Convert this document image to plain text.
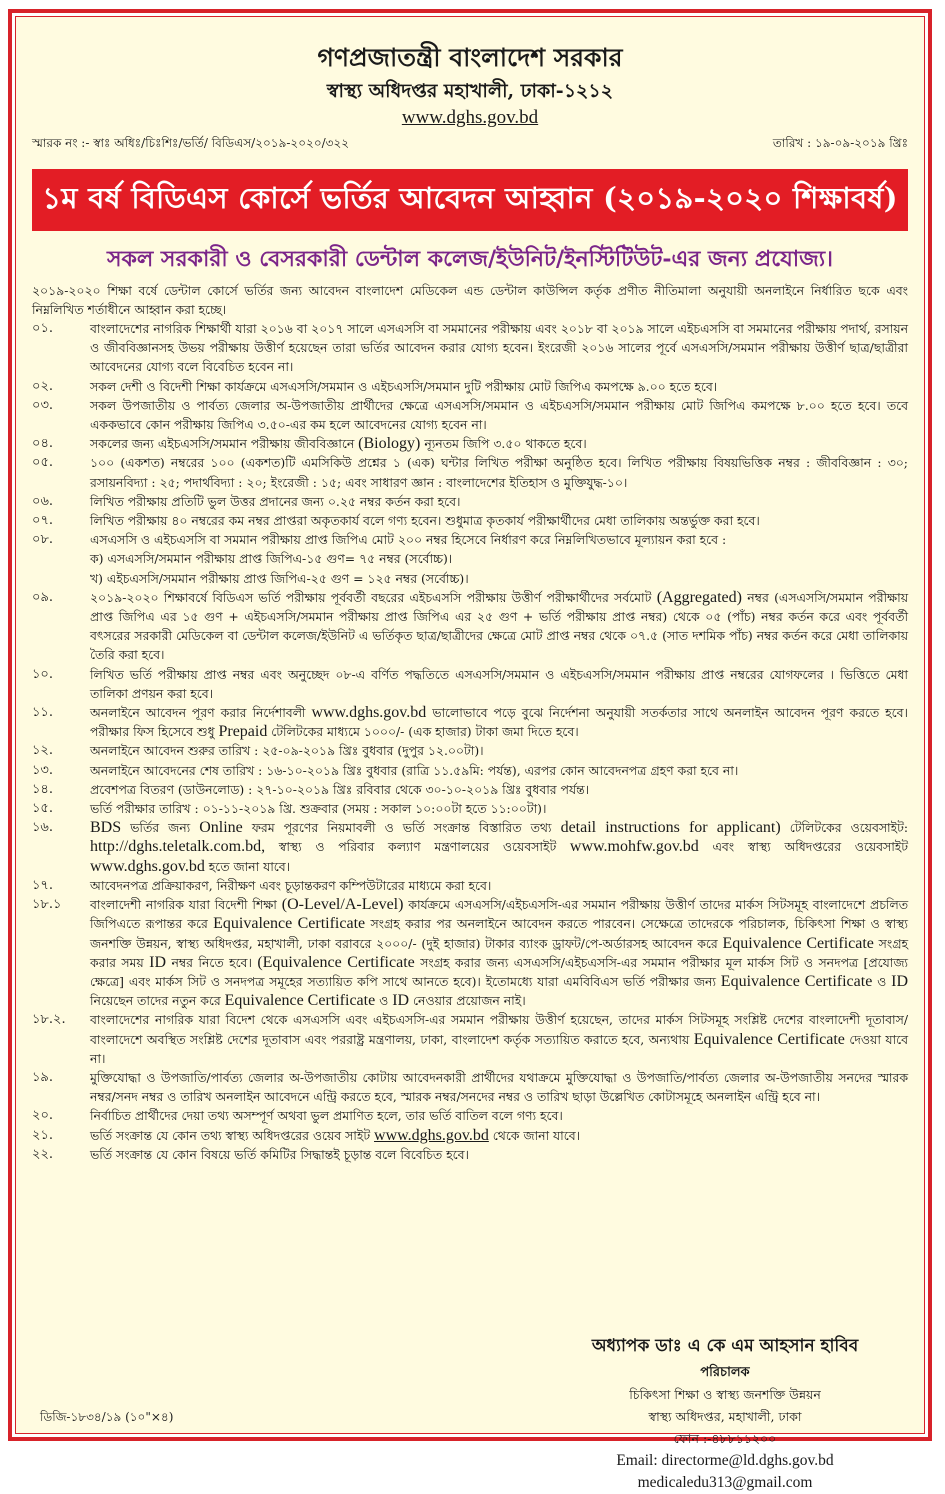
গণপ্রজাতন্ত্রী বাংলাদেশ সরকার
স্বাস্থ্য অধিদপ্তর মহাখালী, ঢাকা-১২১২
www.dghs.gov.bd
স্মারক নং :- স্বাঃ অধিঃ/চিঃশিঃ/ভর্তি/ বিডিএস/২০১৯-২০২০/৩২২	তারিখ : ১৯-০৯-২০১৯ খ্রিঃ
১ম বর্ষ বিডিএস কোর্সে ভর্তির আবেদন আহ্বান (২০১৯-২০২০ শিক্ষাবর্ষ)
সকল সরকারী ও বেসরকারী ডেন্টাল কলেজ/ইউনিট/ইনস্টিটিউট-এর জন্য প্রযোজ্য।
২০১৯-২০২০ শিক্ষা বর্ষে ডেন্টাল কোর্সে ভর্তির জন্য আবেদন বাংলাদেশ মেডিকেল এন্ড ডেন্টাল কাউন্সিল কর্তৃক প্রণীত নীতিমালা অনুযায়ী অনলাইনে নির্ধারিত ছকে এবং নিম্নলিখিত শর্তাধীনে আহ্বান করা হচ্ছে।
০১.	বাংলাদেশের নাগরিক শিক্ষার্থী যারা ২০১৬ বা ২০১৭ সালে এসএসসি বা সমমানের পরীক্ষায় এবং ২০১৮ বা ২০১৯ সালে এইচএসসি বা সমমানের পরীক্ষায় পদার্থ, রসায়ন ও জীববিজ্ঞানসহ উভয় পরীক্ষায় উত্তীর্ণ হয়েছেন তারা ভর্তির আবেদন করার যোগ্য হবেন। ইংরেজী ২০১৬ সালের পূর্বে এসএসসি/সমমান পরীক্ষায় উত্তীর্ণ ছাত্র/ছাত্রীরা আবেদনের যোগ্য বলে বিবেচিত হবেন না।
০২.	সকল দেশী ও বিদেশী শিক্ষা কার্যক্রমে এসএসসি/সমমান ও এইচএসসি/সমমান দুটি পরীক্ষায় মোট জিপিএ কমপক্ষে ৯.০০ হতে হবে।
০৩.	সকল উপজাতীয় ও পার্বত্য জেলার অ-উপজাতীয় প্রার্থীদের ক্ষেত্রে এসএসসি/সমমান ও এইচএসসি/সমমান পরীক্ষায় মোট জিপিএ কমপক্ষে ৮.০০ হতে হবে। তবে এককভাবে কোন পরীক্ষায় জিপিএ ৩.৫০-এর কম হলে আবেদনের যোগ্য হবেন না।
০৪.	সকলের জন্য এইচএসসি/সমমান পরীক্ষায় জীববিজ্ঞানে (Biology) ন্যূনতম জিপি ৩.৫০ থাকতে হবে।
০৫.	১০০ (একশত) নম্বরের ১০০ (একশত)টি এমসিকিউ প্রশ্নের ১ (এক) ঘন্টার লিখিত পরীক্ষা অনুষ্ঠিত হবে। লিখিত পরীক্ষায় বিষয়ভিত্তিক নম্বর : জীববিজ্ঞান : ৩০; রসায়নবিদ্যা : ২৫; পদার্থবিদ্যা : ২০; ইংরেজী : ১৫; এবং সাধারণ জ্ঞান : বাংলাদেশের ইতিহাস ও মুক্তিযুদ্ধ-১০।
০৬.	লিখিত পরীক্ষায় প্রতিটি ভুল উত্তর প্রদানের জন্য ০.২৫ নম্বর কর্তন করা হবে।
০৭.	লিখিত পরীক্ষায় ৪০ নম্বরের কম নম্বর প্রাপ্তরা অকৃতকার্য বলে গণ্য হবেন। শুধুমাত্র কৃতকার্য পরীক্ষার্থীদের মেধা তালিকায় অন্তর্ভুক্ত করা হবে।
০৮.	এসএসসি ও এইচএসসি বা সমমান পরীক্ষায় প্রাপ্ত জিপিএ মোট ২০০ নম্বর হিসেবে নির্ধারণ করে নিম্নলিখিতভাবে মূল্যায়ন করা হবে :
ক) এসএসসি/সমমান পরীক্ষায় প্রাপ্ত জিপিএ-১৫ গুণ= ৭৫ নম্বর (সর্বোচ্চ)।
খ) এইচএসসি/সমমান পরীক্ষায় প্রাপ্ত জিপিএ-২৫ গুণ = ১২৫ নম্বর (সর্বোচ্চ)।
০৯.	২০১৯-২০২০ শিক্ষাবর্ষে বিডিএস ভর্তি পরীক্ষায় পূর্ববর্তী বছরের এইচএসসি পরীক্ষায় উত্তীর্ণ পরীক্ষার্থীদের সর্বমোট (Aggregated) নম্বর (এসএসসি/সমমান পরীক্ষায় প্রাপ্ত জিপিএ এর ১৫ গুণ + এইচএসসি/সমমান পরীক্ষায় প্রাপ্ত জিপিএ এর ২৫ গুণ + ভর্তি পরীক্ষায় প্রাপ্ত নম্বর) থেকে ০৫ (পাঁচ) নম্বর কর্তন করে এবং পূর্ববর্তী বৎসরের সরকারী মেডিকেল বা ডেন্টাল কলেজ/ইউনিট এ ভর্তিকৃত ছাত্র/ছাত্রীদের ক্ষেত্রে মোট প্রাপ্ত নম্বর থেকে ০৭.৫ (সাত দশমিক পাঁচ) নম্বর কর্তন করে মেধা তালিকায় তৈরি করা হবে।
১০.	লিখিত ভর্তি পরীক্ষায় প্রাপ্ত নম্বর এবং অনুচ্ছেদ ০৮-এ বর্ণিত পদ্ধতিতে এসএসসি/সমমান ও এইচএসসি/সমমান পরীক্ষায় প্রাপ্ত নম্বরের যোগফলের । ভিত্তিতে মেধা তালিকা প্রণয়ন করা হবে।
১১.	অনলাইনে আবেদন পূরণ করার নির্দেশাবলী www.dghs.gov.bd ভালোভাবে পড়ে বুঝে নির্দেশনা অনুযায়ী সতর্কতার সাথে অনলাইন আবেদন পূরণ করতে হবে। পরীক্ষার ফিস হিসেবে শুধু Prepaid টেলিটকের মাধ্যমে ১০০০/- (এক হাজার) টাকা জমা দিতে হবে।
১২.	অনলাইনে আবেদন শুরুর তারিখ : ২৫-০৯-২০১৯ খ্রিঃ বুধবার (দুপুর ১২.০০টা)।
১৩.	অনলাইনে আবেদনের শেষ তারিখ : ১৬-১০-২০১৯ খ্রিঃ বুধবার (রাত্রি ১১.৫৯মি: পর্যন্ত), এরপর কোন আবেদনপত্র গ্রহণ করা হবে না।
১৪.	প্রবেশপত্র বিতরণ (ডাউনলোড) : ২৭-১০-২০১৯ খ্রিঃ রবিবার থেকে ৩০-১০-২০১৯ খ্রিঃ বুধবার পর্যন্ত।
১৫.	ভর্তি পরীক্ষার তারিখ : ০১-১১-২০১৯ খ্রি. শুক্রবার (সময় : সকাল ১০:০০টা হতে ১১:০০টা)।
১৬.	BDS ভর্তির জন্য Online ফরম পূরণের নিয়মাবলী ও ভর্তি সংক্রান্ত বিস্তারিত তথ্য detail instructions for applicant) টেলিটকের ওয়েবসাইট: http://dghs.teletalk.com.bd, স্বাস্থ্য ও পরিবার কল্যাণ মন্ত্রণালয়ের ওয়েবসাইট www.mohfw.gov.bd এবং স্বাস্থ্য অধিদপ্তরের ওয়েবসাইট www.dghs.gov.bd হতে জানা যাবে।
১৭.	আবেদনপত্র প্রক্রিয়াকরণ, নিরীক্ষণ এবং চূড়ান্তকরণ কম্পিউটারের মাধ্যমে করা হবে।
১৮.১	বাংলাদেশী নাগরিক যারা বিদেশী শিক্ষা (O-Level/A-Level) কার্যক্রমে এসএসসি/এইচএসসি-এর সমমান পরীক্ষায় উত্তীর্ণ তাদের মার্কস সিটসমূহ বাংলাদেশে প্রচলিত জিপিএতে রূপান্তর করে Equivalence Certificate সংগ্রহ করার পর অনলাইনে আবেদন করতে পারবেন। সেক্ষেত্রে তাদেরকে পরিচালক, চিকিৎসা শিক্ষা ও স্বাস্থ্য জনশক্তি উন্নয়ন, স্বাস্থ্য অধিদপ্তর, মহাখালী, ঢাকা বরাবরে ২০০০/- (দুই হাজার) টাকার ব্যাংক ড্রাফট/পে-অর্ডারসহ আবেদন করে Equivalence Certificate সংগ্রহ করার সময় ID নম্বর নিতে হবে। (Equivalence Certificate সংগ্রহ করার জন্য এসএসসি/এইচএসসি-এর সমমান পরীক্ষার মূল মার্কস সিট ও সনদপত্র [প্রযোজ্য ক্ষেত্রে] এবং মার্কস সিট ও সনদপত্র সমূহের সত্যায়িত কপি সাথে আনতে হবে)। ইতোমধ্যে যারা এমবিবিএস ভর্তি পরীক্ষার জন্য Equivalence Certificate ও ID নিয়েছেন তাদের নতুন করে Equivalence Certificate ও ID নেওয়ার প্রয়োজন নাই।
১৮.২.	বাংলাদেশের নাগরিক যারা বিদেশ থেকে এসএসসি এবং এইচএসসি-এর সমমান পরীক্ষায় উত্তীর্ণ হয়েছেন, তাদের মার্কস সিটসমূহ সংশ্লিষ্ট দেশের বাংলাদেশী দূতাবাস/বাংলাদেশে অবস্থিত সংশ্লিষ্ট দেশের দূতাবাস এবং পররাষ্ট্র মন্ত্রণালয়, ঢাকা, বাংলাদেশ কর্তৃক সত্যায়িত করাতে হবে, অন্যথায় Equivalence Certificate দেওয়া যাবে না।
১৯.	মুক্তিযোদ্ধা ও উপজাতি/পার্বত্য জেলার অ-উপজাতীয় কোটায় আবেদনকারী প্রার্থীদের যথাক্রমে মুক্তিযোদ্ধা ও উপজাতি/পার্বত্য জেলার অ-উপজাতীয় সনদের স্মারক নম্বর/সনদ নম্বর ও তারিখ অনলাইন আবেদনে এন্ট্রি করতে হবে, স্মারক নম্বর/সনদের নম্বর ও তারিখ ছাড়া উল্লেখিত কোটাসমূহে অনলাইন এন্ট্রি হবে না।
২০.	নির্বাচিত প্রার্থীদের দেয়া তথ্য অসম্পূর্ণ অথবা ভুল প্রমাণিত হলে, তার ভর্তি বাতিল বলে গণ্য হবে।
২১.	ভর্তি সংক্রান্ত যে কোন তথ্য স্বাস্থ্য অধিদপ্তরের ওয়েব সাইট www.dghs.gov.bd থেকে জানা যাবে।
২২.	ভর্তি সংক্রান্ত যে কোন বিষয়ে ভর্তি কমিটির সিদ্ধান্তই চূড়ান্ত বলে বিবেচিত হবে।
অধ্যাপক ডাঃ এ কে এম আহসান হাবিব
পরিচালক
চিকিৎসা শিক্ষা ও স্বাস্থ্য জনশক্তি উন্নয়ন
স্বাস্থ্য অধিদপ্তর, মহাখালী, ঢাকা
ফোন :-৪৮৮১১২০০
Email: directorme@ld.dghs.gov.bd
medicaledu313@gmail.com
ডিজি-১৮৩৪/১৯ (১০"×৪)
